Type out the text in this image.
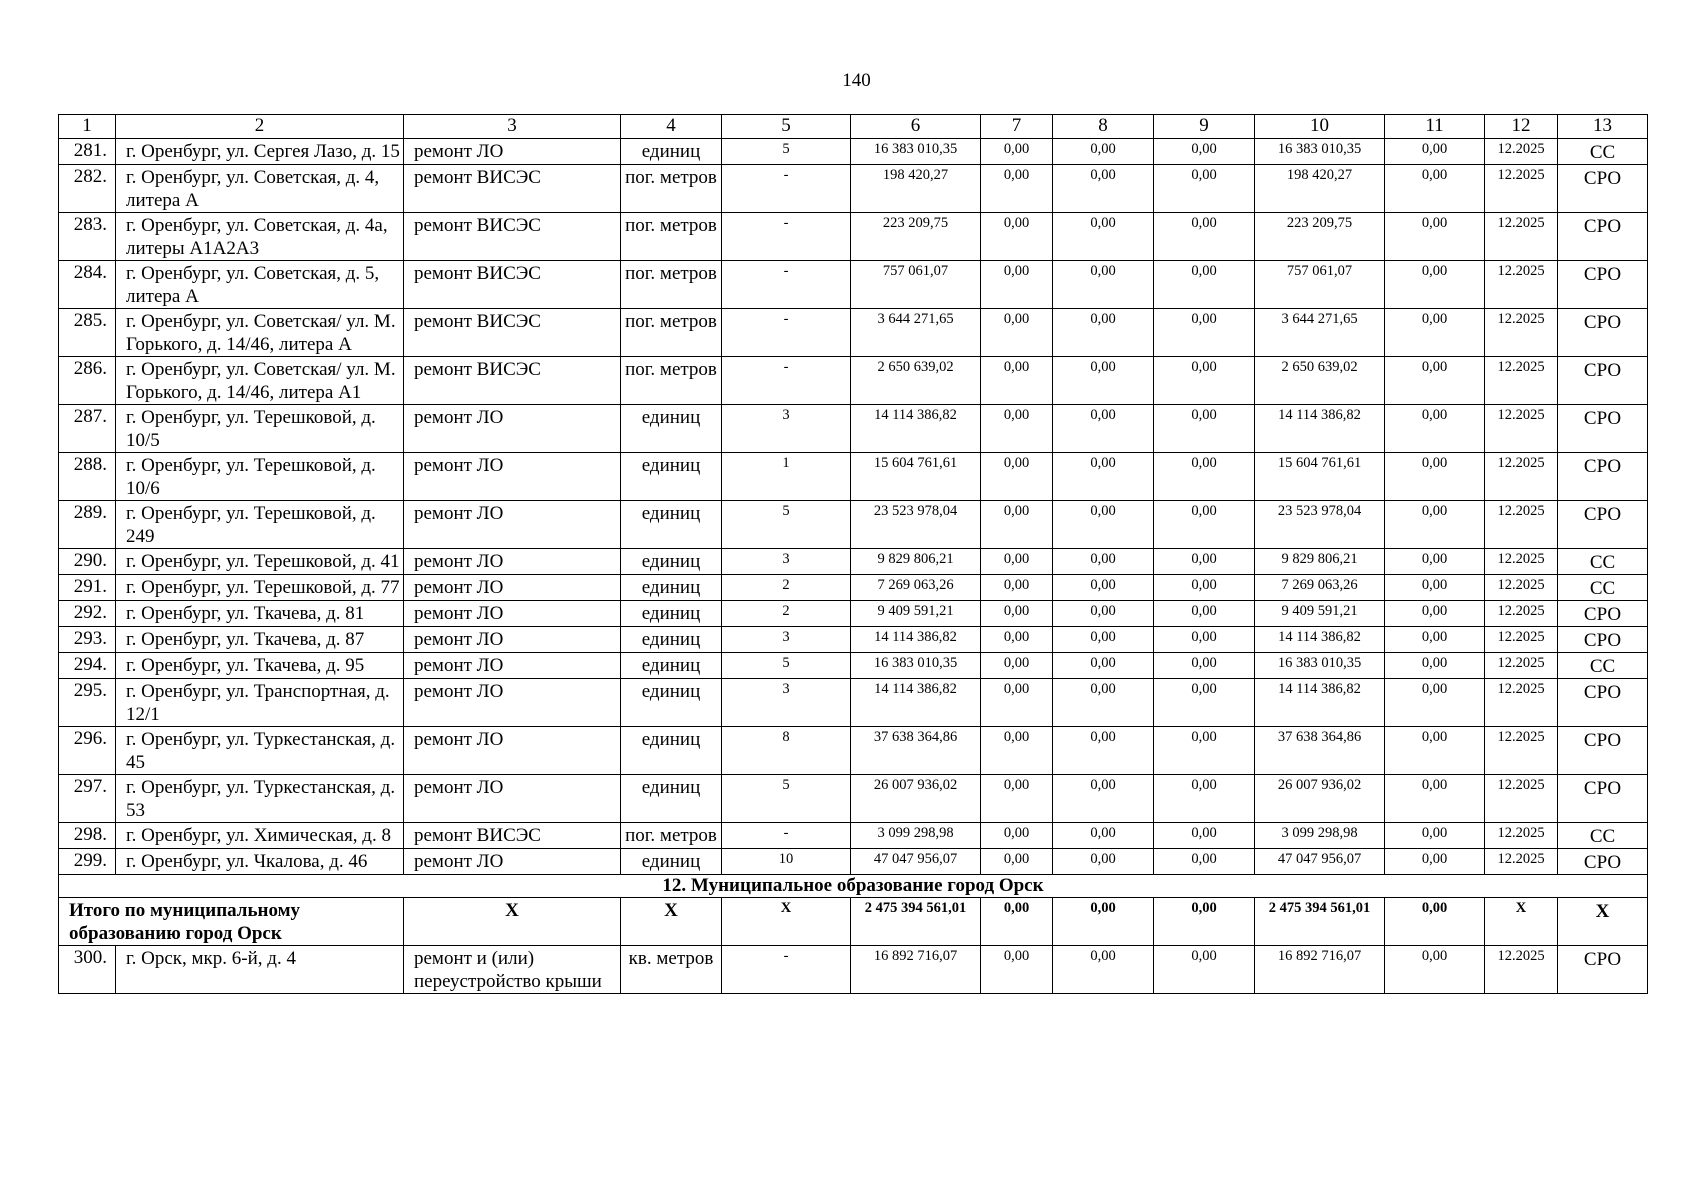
140
1	2	3	4	5	6	7	8	9	10	11	12	13
281.	г. Оренбург, ул. Сергея Лазо, д. 15	ремонт ЛО	единиц	5	16 383 010,35	0,00	0,00	0,00	16 383 010,35	0,00	12.2025	СС
282.	г. Оренбург, ул. Советская, д. 4, литера А	ремонт ВИСЭС	пог. метров	-	198 420,27	0,00	0,00	0,00	198 420,27	0,00	12.2025	СРО
283.	г. Оренбург, ул. Советская, д. 4а, литеры А1А2А3	ремонт ВИСЭС	пог. метров	-	223 209,75	0,00	0,00	0,00	223 209,75	0,00	12.2025	СРО
284.	г. Оренбург, ул. Советская, д. 5, литера А	ремонт ВИСЭС	пог. метров	-	757 061,07	0,00	0,00	0,00	757 061,07	0,00	12.2025	СРО
285.	г. Оренбург, ул. Советская/ ул. М. Горького, д. 14/46, литера А	ремонт ВИСЭС	пог. метров	-	3 644 271,65	0,00	0,00	0,00	3 644 271,65	0,00	12.2025	СРО
286.	г. Оренбург, ул. Советская/ ул. М. Горького, д. 14/46, литера А1	ремонт ВИСЭС	пог. метров	-	2 650 639,02	0,00	0,00	0,00	2 650 639,02	0,00	12.2025	СРО
287.	г. Оренбург, ул. Терешковой, д. 10/5	ремонт ЛО	единиц	3	14 114 386,82	0,00	0,00	0,00	14 114 386,82	0,00	12.2025	СРО
288.	г. Оренбург, ул. Терешковой, д. 10/6	ремонт ЛО	единиц	1	15 604 761,61	0,00	0,00	0,00	15 604 761,61	0,00	12.2025	СРО
289.	г. Оренбург, ул. Терешковой, д. 249	ремонт ЛО	единиц	5	23 523 978,04	0,00	0,00	0,00	23 523 978,04	0,00	12.2025	СРО
290.	г. Оренбург, ул. Терешковой, д. 41	ремонт ЛО	единиц	3	9 829 806,21	0,00	0,00	0,00	9 829 806,21	0,00	12.2025	СС
291.	г. Оренбург, ул. Терешковой, д. 77	ремонт ЛО	единиц	2	7 269 063,26	0,00	0,00	0,00	7 269 063,26	0,00	12.2025	СС
292.	г. Оренбург, ул. Ткачева, д. 81	ремонт ЛО	единиц	2	9 409 591,21	0,00	0,00	0,00	9 409 591,21	0,00	12.2025	СРО
293.	г. Оренбург, ул. Ткачева, д. 87	ремонт ЛО	единиц	3	14 114 386,82	0,00	0,00	0,00	14 114 386,82	0,00	12.2025	СРО
294.	г. Оренбург, ул. Ткачева, д. 95	ремонт ЛО	единиц	5	16 383 010,35	0,00	0,00	0,00	16 383 010,35	0,00	12.2025	СС
295.	г. Оренбург, ул. Транспортная, д. 12/1	ремонт ЛО	единиц	3	14 114 386,82	0,00	0,00	0,00	14 114 386,82	0,00	12.2025	СРО
296.	г. Оренбург, ул. Туркестанская, д. 45	ремонт ЛО	единиц	8	37 638 364,86	0,00	0,00	0,00	37 638 364,86	0,00	12.2025	СРО
297.	г. Оренбург, ул. Туркестанская, д. 53	ремонт ЛО	единиц	5	26 007 936,02	0,00	0,00	0,00	26 007 936,02	0,00	12.2025	СРО
298.	г. Оренбург, ул. Химическая, д. 8	ремонт ВИСЭС	пог. метров	-	3 099 298,98	0,00	0,00	0,00	3 099 298,98	0,00	12.2025	СС
299.	г. Оренбург, ул. Чкалова, д. 46	ремонт ЛО	единиц	10	47 047 956,07	0,00	0,00	0,00	47 047 956,07	0,00	12.2025	СРО
12. Муниципальное образование город Орск												
Итого по муниципальному образованию город Орск		Х	Х	Х	2 475 394 561,01	0,00	0,00	0,00	2 475 394 561,01	0,00	Х	Х
300.	г. Орск, мкр. 6-й, д. 4	ремонт и (или) переустройство крыши	кв. метров	-	16 892 716,07	0,00	0,00	0,00	16 892 716,07	0,00	12.2025	СРО
